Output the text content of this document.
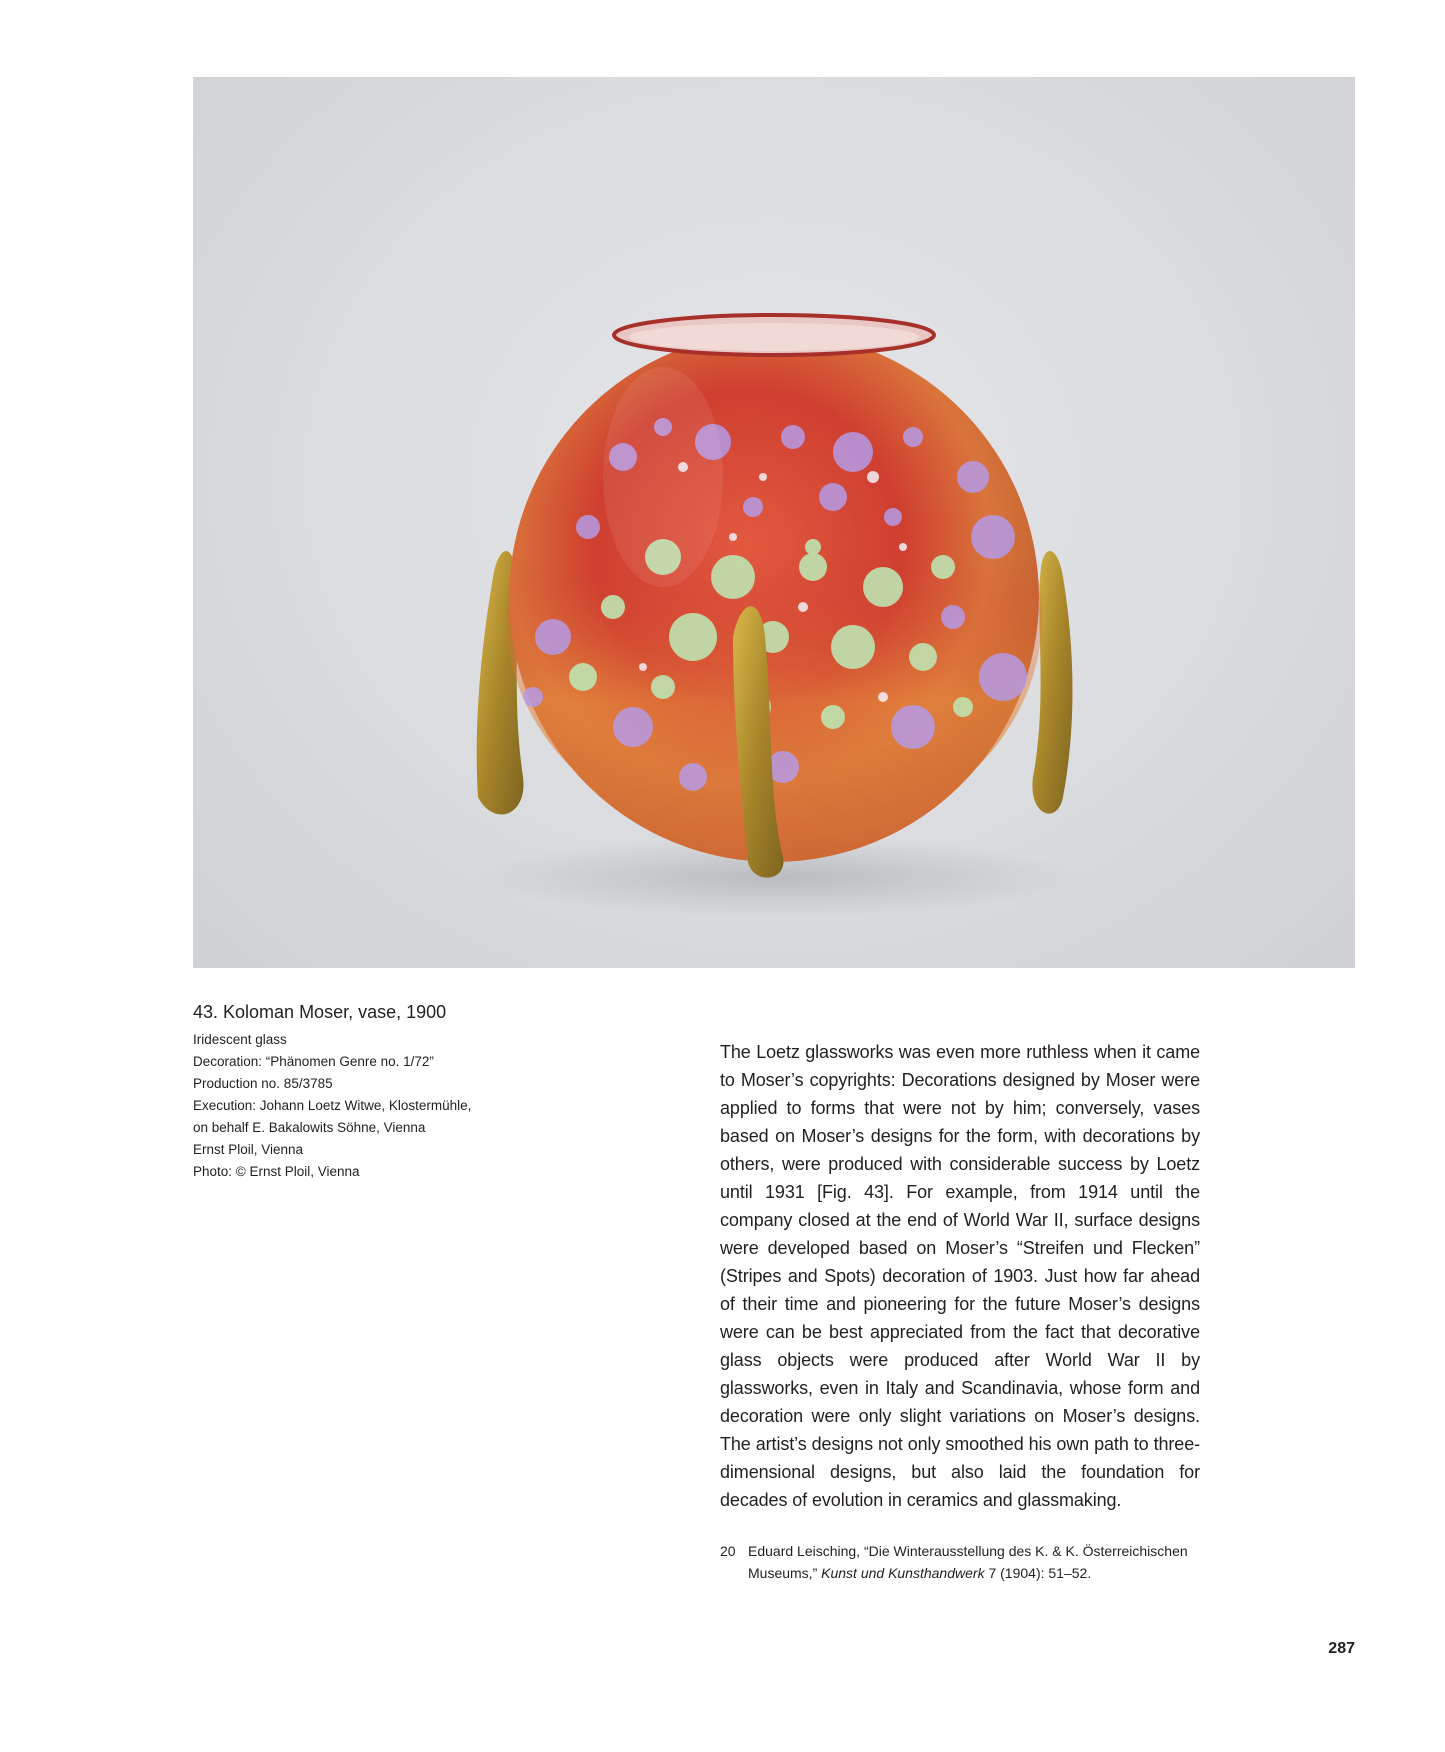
43. Koloman Moser, vase, 1900

Iridescent glass

Decoration: “Phänomen Genre no. 1/72”

Production no. 85/3785

Execution: Johann Loetz Witwe, Klostermühle,

on behalf E. Bakalowits Söhne, Vienna

Ernst Ploil, Vienna

Photo: © Ernst Ploil, Vienna

The Loetz glassworks was even more ruthless when it came to Moser’s copyrights: Decorations designed by Moser were applied to forms that were not by him; conversely, vases based on Moser’s designs for the form, with decorations by others, were produced with considerable success by Loetz until 1931 [Fig. 43]. For example, from 1914 until the company closed at the end of World War II, surface designs were developed based on Moser’s “Streifen und Flecken” (Stripes and Spots) decoration of 1903. Just how far ahead of their time and pioneering for the future Moser’s designs were can be best appreciated from the fact that decorative glass objects were produced after World War II by glassworks, even in Italy and Scandinavia, whose form and decoration were only slight variations on Moser’s designs. The artist’s designs not only smoothed his own path to three-dimensional designs, but also laid the foundation for decades of evolution in ceramics and glassmaking.

20 Eduard Leisching, “Die Winterausstellung des K. & K. Österreichischen Museums,” Kunst und Kunsthandwerk 7 (1904): 51–52.
287
